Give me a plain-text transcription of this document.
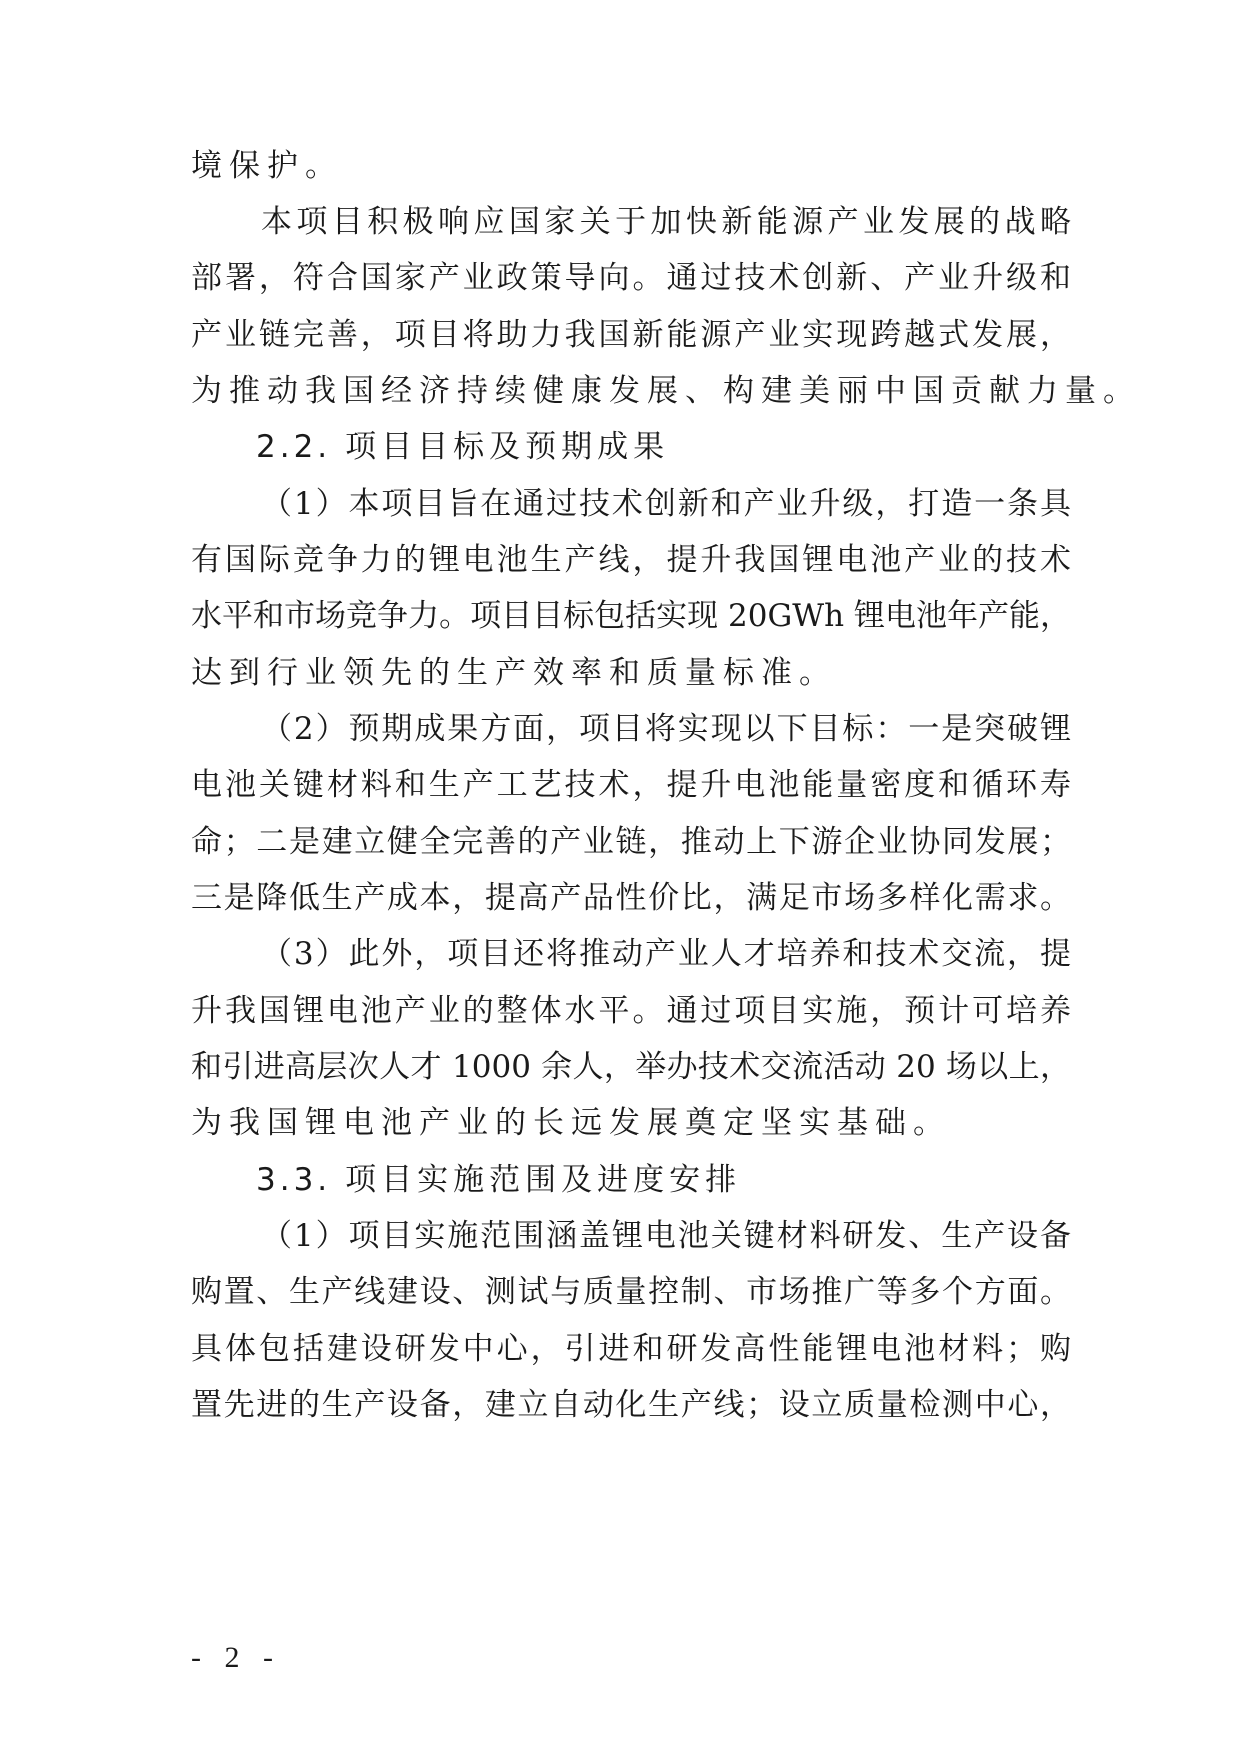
境保护。
本项目积极响应国家关于加快新能源产业发展的战略
部署，符合国家产业政策导向。通过技术创新、产业升级和
产业链完善，项目将助力我国新能源产业实现跨越式发展，
为推动我国经济持续健康发展、构建美丽中国贡献力量。
2.2. 项目目标及预期成果
（1）本项目旨在通过技术创新和产业升级，打造一条具
有国际竞争力的锂电池生产线，提升我国锂电池产业的技术
水平和市场竞争力。项目目标包括实现 20GWh 锂电池年产能，
达到行业领先的生产效率和质量标准。
（2）预期成果方面，项目将实现以下目标：一是突破锂
电池关键材料和生产工艺技术，提升电池能量密度和循环寿
命；二是建立健全完善的产业链，推动上下游企业协同发展；
三是降低生产成本，提高产品性价比，满足市场多样化需求。
（3）此外，项目还将推动产业人才培养和技术交流，提
升我国锂电池产业的整体水平。通过项目实施，预计可培养
和引进高层次人才 1000 余人，举办技术交流活动 20 场以上，
为我国锂电池产业的长远发展奠定坚实基础。
3.3. 项目实施范围及进度安排
（1）项目实施范围涵盖锂电池关键材料研发、生产设备
购置、生产线建设、测试与质量控制、市场推广等多个方面。
具体包括建设研发中心，引进和研发高性能锂电池材料；购
置先进的生产设备，建立自动化生产线；设立质量检测中心，
- 2 -
